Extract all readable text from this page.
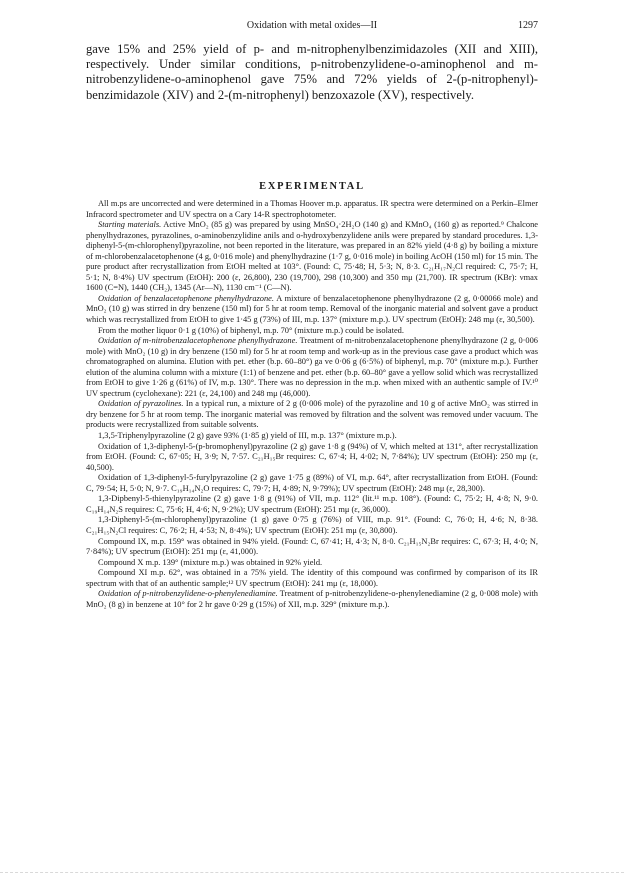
Oxidation with metal oxides—II	1297

gave 15% and 25% yield of p- and m-nitrophenylbenzimidazoles (XII and XIII), respectively. Under similar conditions, p-nitrobenzylidene-o-aminophenol and m-nitrobenzylidene-o-aminophenol gave 75% and 72% yields of 2-(p-nitrophenyl)-benzimidazole (XIV) and 2-(m-nitrophenyl) benzoxazole (XV), respectively.

EXPERIMENTAL

All m.ps are uncorrected and were determined in a Thomas Hoover m.p. apparatus. IR spectra were determined on a Perkin–Elmer Infracord spectrometer and UV spectra on a Cary 14-R spectrophotometer.

Starting materials. Active MnO₂ (85 g) was prepared by using MnSO₄·2H₂O (140 g) and KMnO₄ (160 g) as reported.⁹ Chalcone phenylhydrazones, pyrazolines, o-aminobenzylidine anils and o-hydroxybenzylidene anils were prepared by standard procedures. 1,3-diphenyl-5-(m-chlorophenyl)pyrazoline, not been reported in the literature, was prepared in an 82% yield (4·8 g) by boiling a mixture of m-chlorobenzalacetophenone (4 g, 0·016 mole) and phenylhydrazine (1·7 g, 0·016 mole) in boiling AcOH (150 ml) for 15 min. The pure product after recrystallization from EtOH melted at 103°. (Found: C, 75·48; H, 5·3; N, 8·3. C₂₁H₁₇N₂Cl required: C, 75·7; H, 5·1; N, 8·4%) UV spectrum (EtOH): 200 (ε, 26,800), 230 (19,700), 298 (10,300) and 350 mμ (21,700). IR spectrum (KBr): νmax 1600 (C=N), 1440 (CH₂), 1345 (Ar—N), 1130 cm⁻¹ (C—N).

Oxidation of benzalacetophenone phenylhydrazone. A mixture of benzalacetophenone phenylhydrazone (2 g, 0·00066 mole) and MnO₂ (10 g) was stirred in dry benzene (150 ml) for 5 hr at room temp. Removal of the inorganic material and solvent gave a product which was recrystallized from EtOH to give 1·45 g (73%) of III, m.p. 137° (mixture m.p.). UV spectrum (EtOH): 248 mμ (ε, 30,500).

From the mother liquor 0·1 g (10%) of biphenyl, m.p. 70° (mixture m.p.) could be isolated.

Oxidation of m-nitrobenzalacetophenone phenylhydrazone. Treatment of m-nitrobenzalacetophenone phenylhydrazone (2 g, 0·006 mole) with MnO₂ (10 g) in dry benzene (150 ml) for 5 hr at room temp and work-up as in the previous case gave a product which was chromatographed on alumina. Elution with pet. ether (b.p. 60–80°) ga ve 0·06 g (6·5%) of biphenyl, m.p. 70° (mixture m.p.). Further elution of the alumina column with a mixture (1:1) of benzene and pet. ether (b.p. 60–80° gave a yellow solid which was recrystallized from EtOH to give 1·26 g (61%) of IV, m.p. 130°. There was no depression in the m.p. when mixed with an authentic sample of IV.¹⁰ UV spectrum (cyclohexane): 221 (ε, 24,100) and 248 mμ (46,000).

Oxidation of pyrazolines. In a typical run, a mixture of 2 g (0·006 mole) of the pyrazoline and 10 g of active MnO₂ was stirred in dry benzene for 5 hr at room temp. The inorganic material was removed by filtration and the solvent was removed under vacuum. The products were recrystallized from suitable solvents.

1,3,5-Triphenylpyrazoline (2 g) gave 93% (1·85 g) yield of III, m.p. 137° (mixture m.p.).

Oxidation of 1,3-diphenyl-5-(p-bromophenyl)pyrazoline (2 g) gave 1·8 g (94%) of V, which melted at 131°, after recrystallization from EtOH. (Found: C, 67·05; H, 3·9; N, 7·57. C₂₁H₁₅Br requires: C, 67·4; H, 4·02; N, 7·84%); UV spectrum (EtOH): 250 mμ (ε, 40,500).

Oxidation of 1,3-diphenyl-5-furylpyrazoline (2 g) gave 1·75 g (89%) of VI, m.p. 64°, after recrystallization from EtOH. (Found: C, 79·54; H, 5·0; N, 9·7. C₁₉H₁₄N₂O requires: C, 79·7; H, 4·89; N, 9·79%); UV spectrum (EtOH): 248 mμ (ε, 28,300).

1,3-Dipbenyl-5-thienylpyrazoline (2 g) gave 1·8 g (91%) of VII, m.p. 112° (lit.¹¹ m.p. 108°). (Found: C, 75·2; H, 4·8; N, 9·0. C₁₉H₁₄N₂S requires: C, 75·6; H, 4·6; N, 9·2%); UV spectrum (EtOH): 251 mμ (ε, 36,000).

1,3-Diphenyl-5-(m-chlorophenyl)pyrazoline (1 g) gave 0·75 g (76%) of VIII, m.p. 91°. (Found: C, 76·0; H, 4·6; N, 8·38. C₂₁H₁₅N₂Cl requires: C, 76·2; H, 4·53; N, 8·4%); UV spectrum (EtOH): 251 mμ (ε, 30,800).

Compound IX, m.p. 159° was obtained in 94% yield. (Found: C, 67·41; H, 4·3; N, 8·0. C₂₁H₁₅N₂Br requires: C, 67·3; H, 4·0; N, 7·84%); UV spectrum (EtOH): 251 mμ (ε, 41,000).

Compound X m.p. 139° (mixture m.p.) was obtained in 92% yield.

Compound XI m.p. 62°, was obtained in a 75% yield. The identity of this compound was confirmed by comparison of its IR spectrum with that of an authentic sample;¹² UV spectrum (EtOH): 241 mμ (ε, 18,000).

Oxidation of p-nitrobenzylidene-o-phenylenediamine. Treatment of p-nitrobenzylidene-o-phenylenediamine (2 g, 0·008 mole) with MnO₂ (8 g) in benzene at 10° for 2 hr gave 0·29 g (15%) of XII, m.p. 329° (mixture m.p.).
